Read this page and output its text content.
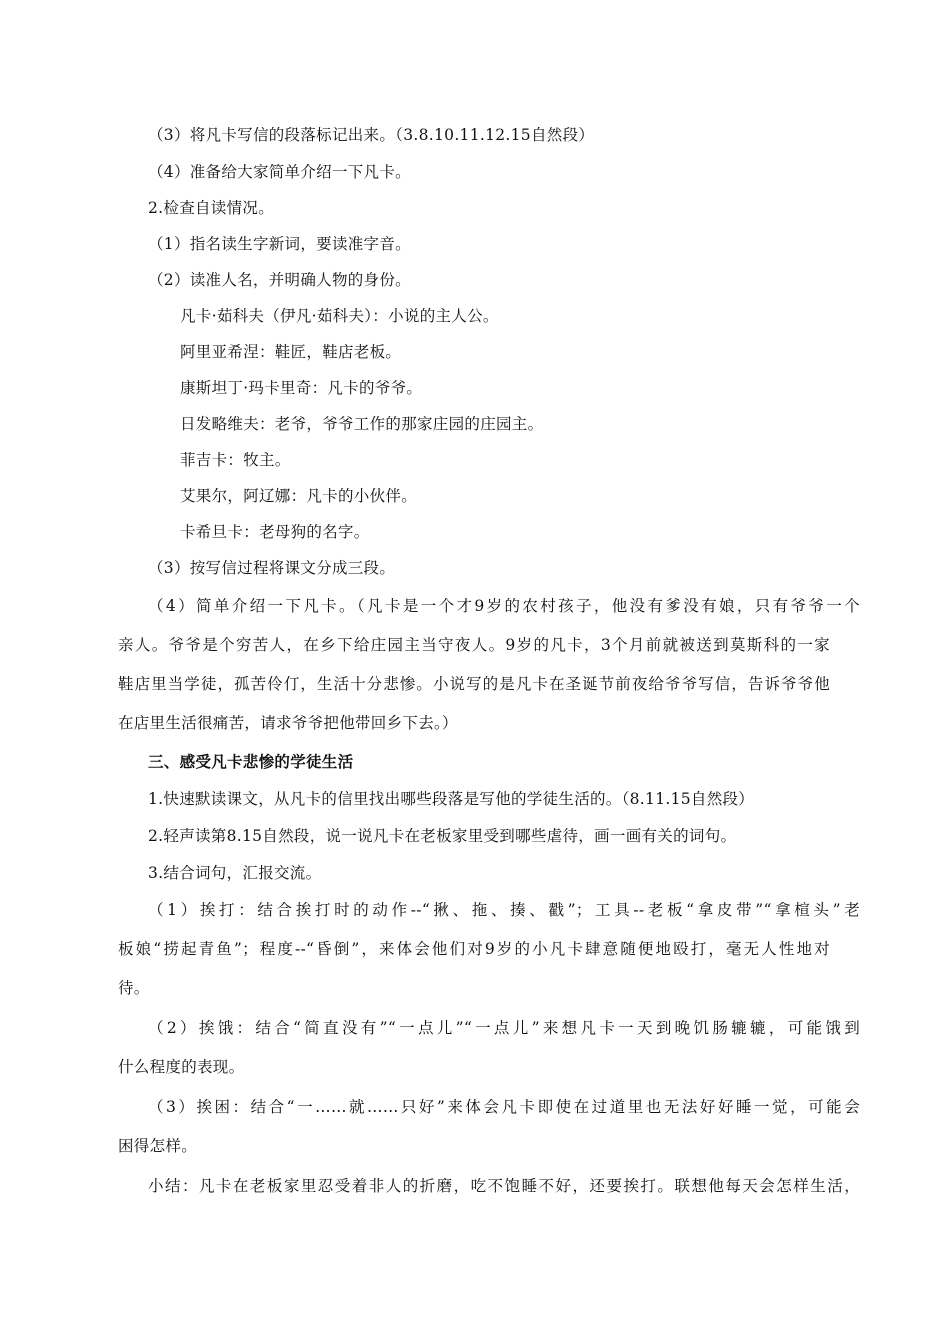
（3）将凡卡写信的段落标记出来。（3.8.10.11.12.15自然段）
（4）准备给大家简单介绍一下凡卡。
2.检查自读情况。
（1）指名读生字新词，要读准字音。
（2）读准人名，并明确人物的身份。
凡卡·茹科夫（伊凡·茹科夫）：小说的主人公。
阿里亚希涅：鞋匠，鞋店老板。
康斯坦丁·玛卡里奇：凡卡的爷爷。
日发略维夫：老爷，爷爷工作的那家庄园的庄园主。
菲吉卡：牧主。
艾果尔，阿辽娜：凡卡的小伙伴。
卡希旦卡：老母狗的名字。
（3）按写信过程将课文分成三段。
（4）简单介绍一下凡卡。（凡卡是一个才9岁的农村孩子，他没有爹没有娘，只有爷爷一个
亲人。爷爷是个穷苦人，在乡下给庄园主当守夜人。9岁的凡卡，3个月前就被送到莫斯科的一家
鞋店里当学徒，孤苦伶仃，生活十分悲惨。小说写的是凡卡在圣诞节前夜给爷爷写信，告诉爷爷他
在店里生活很痛苦，请求爷爷把他带回乡下去。）
三、感受凡卡悲惨的学徒生活
1.快速默读课文，从凡卡的信里找出哪些段落是写他的学徒生活的。（8.11.15自然段）
2.轻声读第8.15自然段，说一说凡卡在老板家里受到哪些虐待，画一画有关的词句。
3.结合词句，汇报交流。
（1）挨打：结合挨打时的动作--“揪、拖、揍、戳”；工具--老板“拿皮带”“拿楦头”老
板娘“捞起青鱼”；程度--“昏倒”，来体会他们对9岁的小凡卡肆意随便地殴打，毫无人性地对
待。
（2）挨饿：结合“简直没有”“一点儿”“一点儿”来想凡卡一天到晚饥肠辘辘，可能饿到
什么程度的表现。
（3）挨困：结合“一……就……只好”来体会凡卡即使在过道里也无法好好睡一觉，可能会
困得怎样。
小结：凡卡在老板家里忍受着非人的折磨，吃不饱睡不好，还要挨打。联想他每天会怎样生活，
